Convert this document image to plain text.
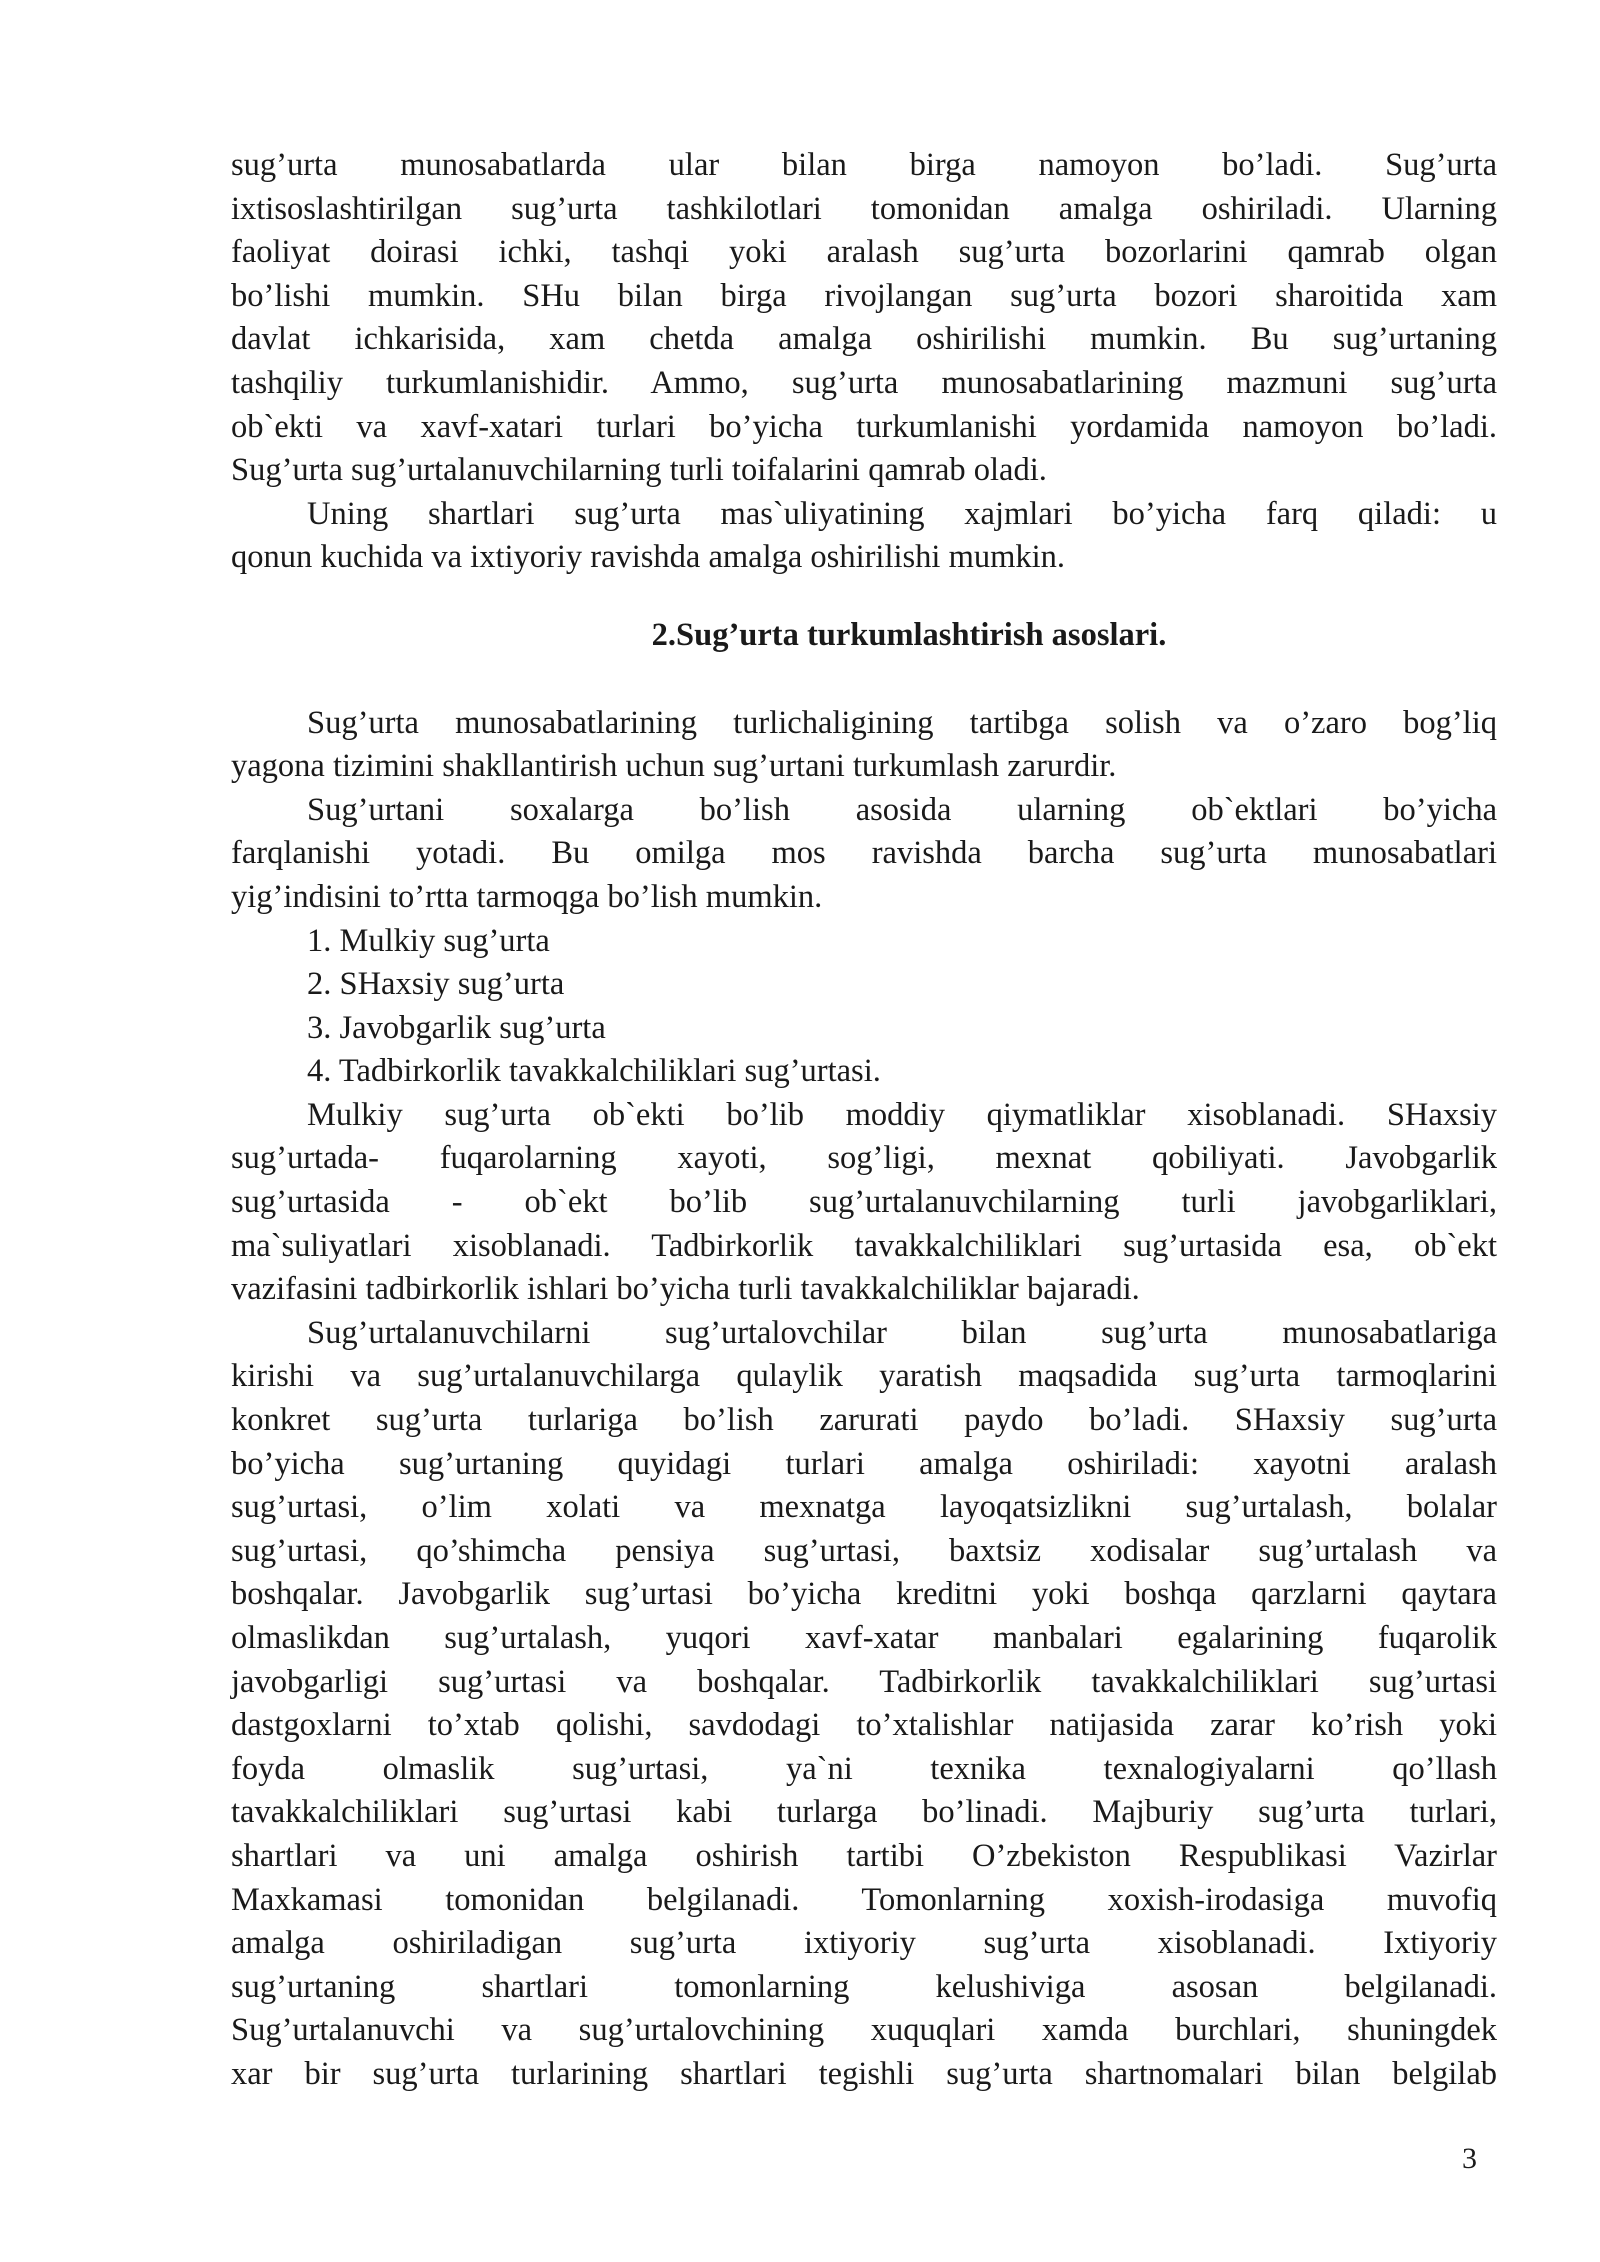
sug’urta munosabatlarda ular bilan birga namoyon bo’ladi. Sug’urta
ixtisoslashtirilgan sug’urta tashkilotlari tomonidan amalga oshiriladi. Ularning
faoliyat doirasi ichki, tashqi yoki aralash sug’urta bozorlarini qamrab olgan
bo’lishi mumkin. SHu bilan birga rivojlangan sug’urta bozori sharoitida xam
davlat ichkarisida, xam chetda amalga oshirilishi mumkin. Bu sug’urtaning
tashqiliy turkumlanishidir. Ammo, sug’urta munosabatlarining mazmuni sug’urta
ob`ekti va xavf-xatari turlari bo’yicha turkumlanishi yordamida namoyon bo’ladi.
Sug’urta sug’urtalanuvchilarning turli toifalarini qamrab oladi.
Uning shartlari sug’urta mas`uliyatining xajmlari bo’yicha farq qiladi: u
qonun kuchida va ixtiyoriy ravishda amalga oshirilishi mumkin.
2.Sug’urta turkumlashtirish asoslari.
Sug’urta munosabatlarining turlichaligining tartibga solish va o’zaro bog’liq
yagona tizimini shakllantirish uchun sug’urtani turkumlash zarurdir.
Sug’urtani soxalarga bo’lish asosida ularning ob`ektlari bo’yicha
farqlanishi yotadi. Bu omilga mos ravishda barcha sug’urta munosabatlari
yig’indisini to’rtta tarmoqga bo’lish mumkin.
1. Mulkiy sug’urta
2. SHaxsiy sug’urta
3. Javobgarlik sug’urta
4. Tadbirkorlik tavakkalchiliklari sug’urtasi.
Mulkiy sug’urta ob`ekti bo’lib moddiy qiymatliklar xisoblanadi. SHaxsiy
sug’urtada- fuqarolarning xayoti, sog’ligi, mexnat qobiliyati. Javobgarlik
sug’urtasida - ob`ekt bo’lib sug’urtalanuvchilarning turli javobgarliklari,
ma`suliyatlari xisoblanadi. Tadbirkorlik tavakkalchiliklari sug’urtasida esa, ob`ekt
vazifasini tadbirkorlik ishlari bo’yicha turli tavakkalchiliklar bajaradi.
Sug’urtalanuvchilarni sug’urtalovchilar bilan sug’urta munosabatlariga
kirishi va sug’urtalanuvchilarga qulaylik yaratish maqsadida sug’urta tarmoqlarini
konkret sug’urta turlariga bo’lish zarurati paydo bo’ladi. SHaxsiy sug’urta
bo’yicha sug’urtaning quyidagi turlari amalga oshiriladi: xayotni aralash
sug’urtasi, o’lim xolati va mexnatga layoqatsizlikni sug’urtalash, bolalar
sug’urtasi, qo’shimcha pensiya sug’urtasi, baxtsiz xodisalar sug’urtalash va
boshqalar. Javobgarlik sug’urtasi bo’yicha kreditni yoki boshqa qarzlarni qaytara
olmaslikdan sug’urtalash, yuqori xavf-xatar manbalari egalarining fuqarolik
javobgarligi sug’urtasi va boshqalar. Tadbirkorlik tavakkalchiliklari sug’urtasi
dastgoxlarni to’xtab qolishi, savdodagi to’xtalishlar natijasida zarar ko’rish yoki
foyda olmaslik sug’urtasi, ya`ni texnika texnalogiyalarni qo’llash
tavakkalchiliklari sug’urtasi kabi turlarga bo’linadi. Majburiy sug’urta turlari,
shartlari va uni amalga oshirish tartibi O’zbekiston Respublikasi Vazirlar
Maxkamasi tomonidan belgilanadi. Tomonlarning xoxish-irodasiga muvofiq
amalga oshiriladigan sug’urta ixtiyoriy sug’urta xisoblanadi. Ixtiyoriy
sug’urtaning shartlari tomonlarning kelushiviga asosan belgilanadi.
Sug’urtalanuvchi va sug’urtalovchining xuquqlari xamda burchlari, shuningdek
xar bir sug’urta turlarining shartlari tegishli sug’urta shartnomalari bilan belgilab
3
